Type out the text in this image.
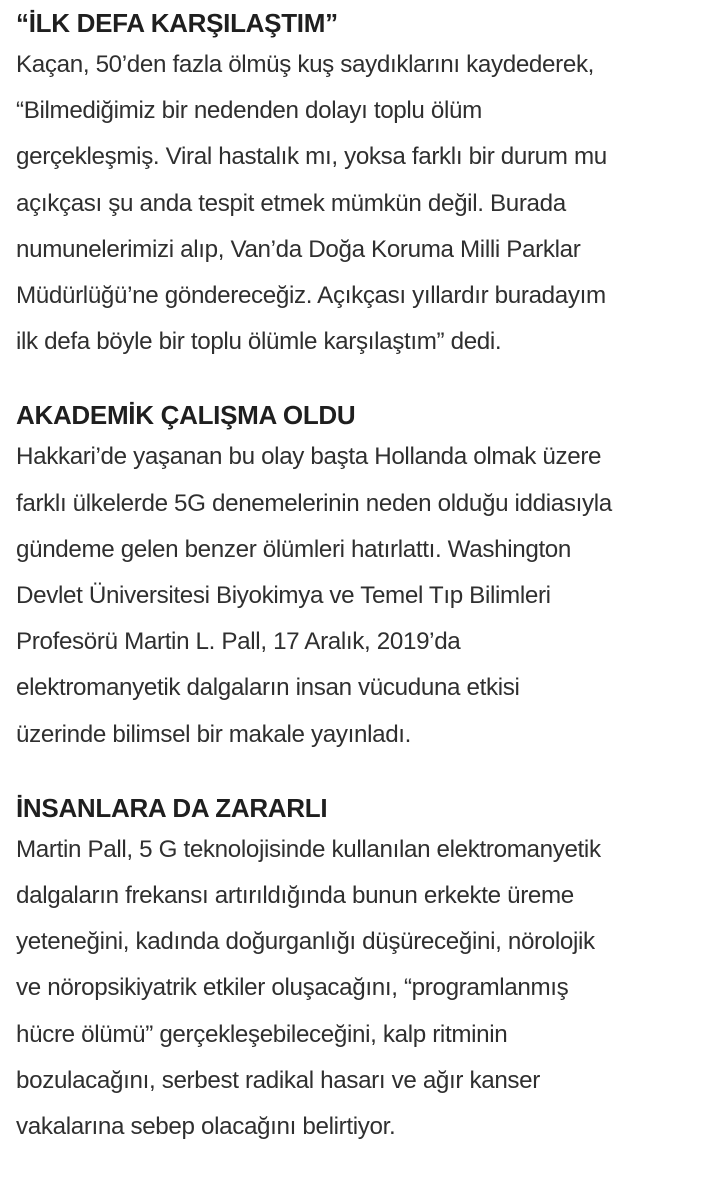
“İLK DEFA KARŞILAŞTIM”
Kaçan, 50’den fazla ölmüş kuş saydıklarını kaydederek,
“Bilmediğimiz bir nedenden dolayı toplu ölüm
gerçekleşmiş. Viral hastalık mı, yoksa farklı bir durum mu
açıkçası şu anda tespit etmek mümkün değil. Burada
numunelerimizi alıp, Van’da Doğa Koruma Milli Parklar
Müdürlüğü’ne göndereceğiz. Açıkçası yıllardır buradayım
ilk defa böyle bir toplu ölümle karşılaştım” dedi.
AKADEMİK ÇALIŞMA OLDU
Hakkari’de yaşanan bu olay başta Hollanda olmak üzere
farklı ülkelerde 5G denemelerinin neden olduğu iddiasıyla
gündeme gelen benzer ölümleri hatırlattı. Washington
Devlet Üniversitesi Biyokimya ve Temel Tıp Bilimleri
Profesörü Martin L. Pall, 17 Aralık, 2019’da
elektromanyetik dalgaların insan vücuduna etkisi
üzerinde bilimsel bir makale yayınladı.
İNSANLARA DA ZARARLI
Martin Pall, 5 G teknolojisinde kullanılan elektromanyetik
dalgaların frekansı artırıldığında bunun erkekte üreme
yeteneğini, kadında doğurganlığı düşüreceğini, nörolojik
ve nöropsikiyatrik etkiler oluşacağını, “programlanmış
hücre ölümü” gerçekleşebileceğini, kalp ritminin
bozulacağını, serbest radikal hasarı ve ağır kanser
vakalarına sebep olacağını belirtiyor.
